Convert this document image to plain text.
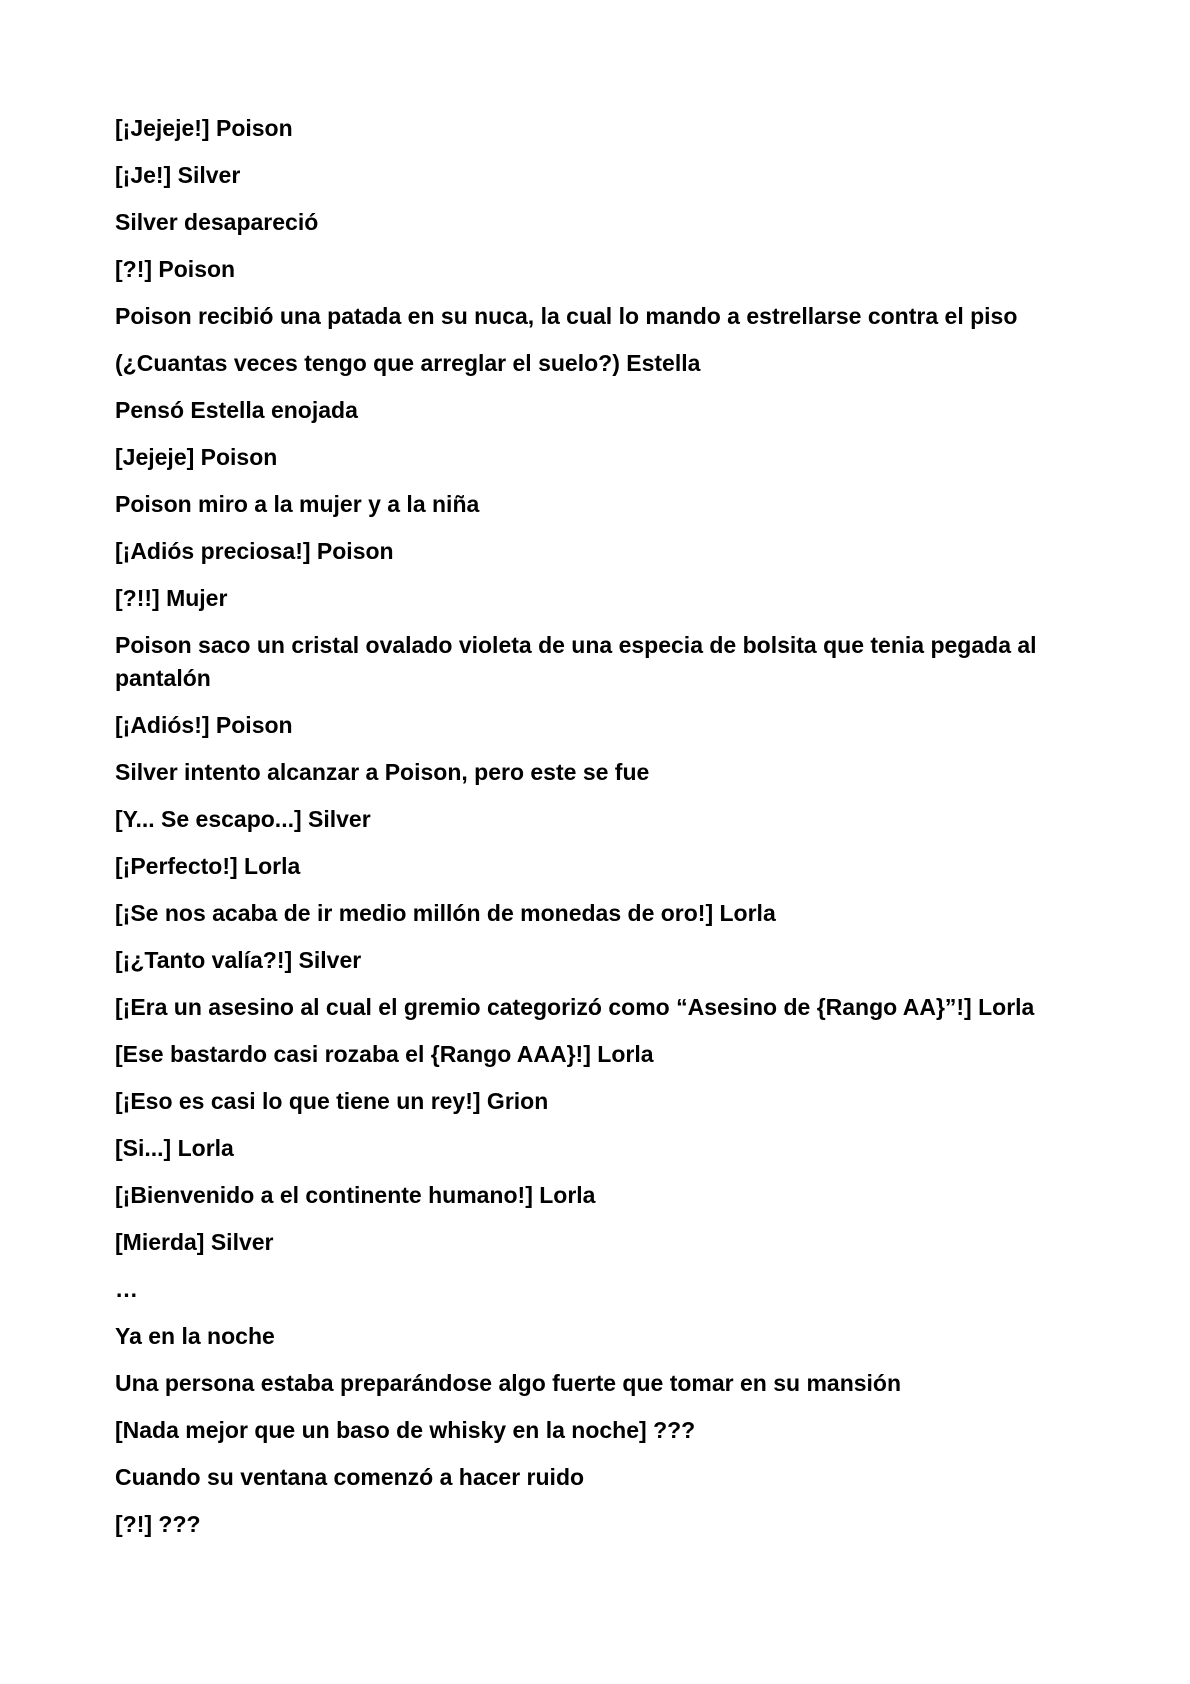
[¡Jejeje!] Poison

[¡Je!] Silver

Silver desapareció

[?!] Poison

Poison recibió una patada en su nuca, la cual lo mando a estrellarse contra el piso

(¿Cuantas veces tengo que arreglar el suelo?) Estella

Pensó Estella enojada

[Jejeje] Poison

Poison miro a la mujer y a la niña

[¡Adiós preciosa!] Poison

[?!!] Mujer

Poison saco un cristal ovalado violeta de una especia de bolsita que tenia pegada al pantalón

[¡Adiós!] Poison

Silver intento alcanzar a Poison, pero este se fue

[Y... Se escapo...] Silver

[¡Perfecto!] Lorla

[¡Se nos acaba de ir medio millón de monedas de oro!] Lorla

[¡¿Tanto valía?!] Silver

[¡Era un asesino al cual el gremio categorizó como “Asesino de {Rango AA}”!] Lorla

[Ese bastardo casi rozaba el {Rango AAA}!] Lorla

[¡Eso es casi lo que tiene un rey!] Grion

[Si...] Lorla

[¡Bienvenido a el continente humano!] Lorla

[Mierda] Silver

…

Ya en la noche

Una persona estaba preparándose algo fuerte que tomar en su mansión

[Nada mejor que un baso de whisky en la noche] ???

Cuando su ventana comenzó a hacer ruido

[?!] ???
